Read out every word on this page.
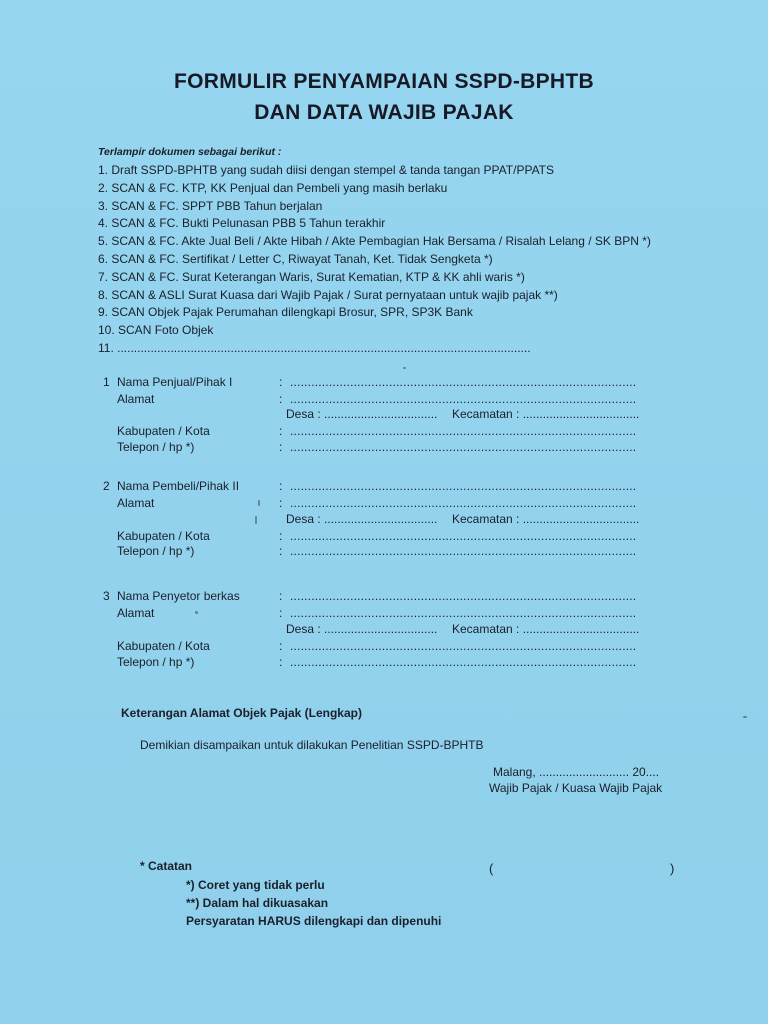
FORMULIR PENYAMPAIAN SSPD-BPHTB
DAN DATA WAJIB PAJAK
Terlampir dokumen sebagai berikut :
1. Draft SSPD-BPHTB yang sudah diisi dengan stempel & tanda tangan PPAT/PPATS
2. SCAN & FC. KTP, KK Penjual dan Pembeli yang masih berlaku
3. SCAN & FC. SPPT PBB Tahun berjalan
4. SCAN & FC. Bukti Pelunasan PBB 5 Tahun terakhir
5. SCAN & FC. Akte Jual Beli / Akte Hibah / Akte Pembagian Hak Bersama / Risalah Lelang / SK BPN *)
6. SCAN & FC. Sertifikat / Letter C, Riwayat Tanah, Ket. Tidak Sengketa *)
7. SCAN & FC. Surat Keterangan Waris, Surat Kematian, KTP & KK ahli waris *)
8. SCAN & ASLI Surat Kuasa dari Wajib Pajak / Surat pernyataan untuk wajib pajak **)
9. SCAN Objek Pajak Perumahan dilengkapi Brosur, SPR, SP3K Bank
10. SCAN Foto Objek
11. ............................................................................................................................
1 Nama Penjual/Pihak I	: ..................................................................................................
Alamat	: ..................................................................................................
Desa : .................................. Kecamatan : ...................................
Kabupaten / Kota	: ..................................................................................................
Telepon / hp *)	: ..................................................................................................
2 Nama Pembeli/Pihak II	: ..................................................................................................
Alamat	: ..................................................................................................
Desa : .................................. Kecamatan : ...................................
Kabupaten / Kota	: ..................................................................................................
Telepon / hp *)	: ..................................................................................................
3 Nama Penyetor berkas	: ..................................................................................................
Alamat	: ..................................................................................................
Desa : .................................. Kecamatan : ...................................
Kabupaten / Kota	: ..................................................................................................
Telepon / hp *)	: ..................................................................................................
Keterangan Alamat Objek Pajak (Lengkap)
Demikian disampaikan untuk dilakukan Penelitian SSPD-BPHTB
Malang, ........................... 20....
Wajib Pajak / Kuasa Wajib Pajak
* Catatan
*) Coret yang tidak perlu
**) Dalam hal dikuasakan
Persyaratan HARUS dilengkapi dan dipenuhi
(	)
